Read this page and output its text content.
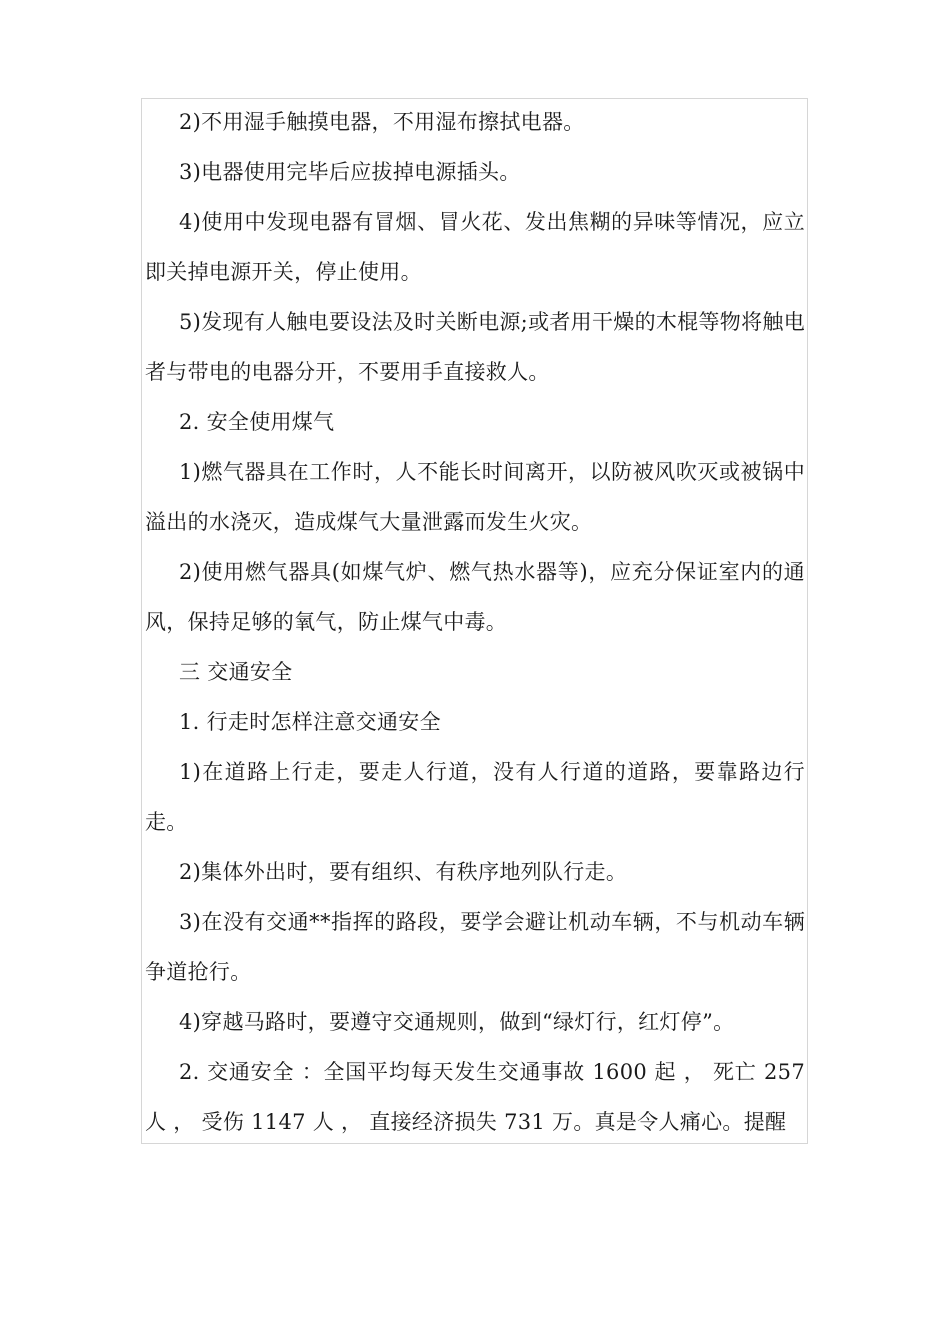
2)不用湿手触摸电器，不用湿布擦拭电器。

3)电器使用完毕后应拔掉电源插头。

4)使用中发现电器有冒烟、冒火花、发出焦糊的异味等情况，应立即关掉电源开关，停止使用。

5)发现有人触电要设法及时关断电源;或者用干燥的木棍等物将触电者与带电的电器分开，不要用手直接救人。

2. 安全使用煤气

1)燃气器具在工作时，人不能长时间离开，以防被风吹灭或被锅中溢出的水浇灭，造成煤气大量泄露而发生火灾。

2)使用燃气器具(如煤气炉、燃气热水器等)，应充分保证室内的通风，保持足够的氧气，防止煤气中毒。

三 交通安全

1. 行走时怎样注意交通安全

1)在道路上行走，要走人行道，没有人行道的道路，要靠路边行走。

2)集体外出时，要有组织、有秩序地列队行走。

3)在没有交通**指挥的路段，要学会避让机动车辆，不与机动车辆争道抢行。

4)穿越马路时，要遵守交通规则，做到“绿灯行，红灯停”。

2. 交通安全 ：全国平均每天发生交通事故 1600 起 ， 死亡 257 人 ， 受伤 1147 人 ， 直接经济损失 731 万。真是令人痛心。提醒
